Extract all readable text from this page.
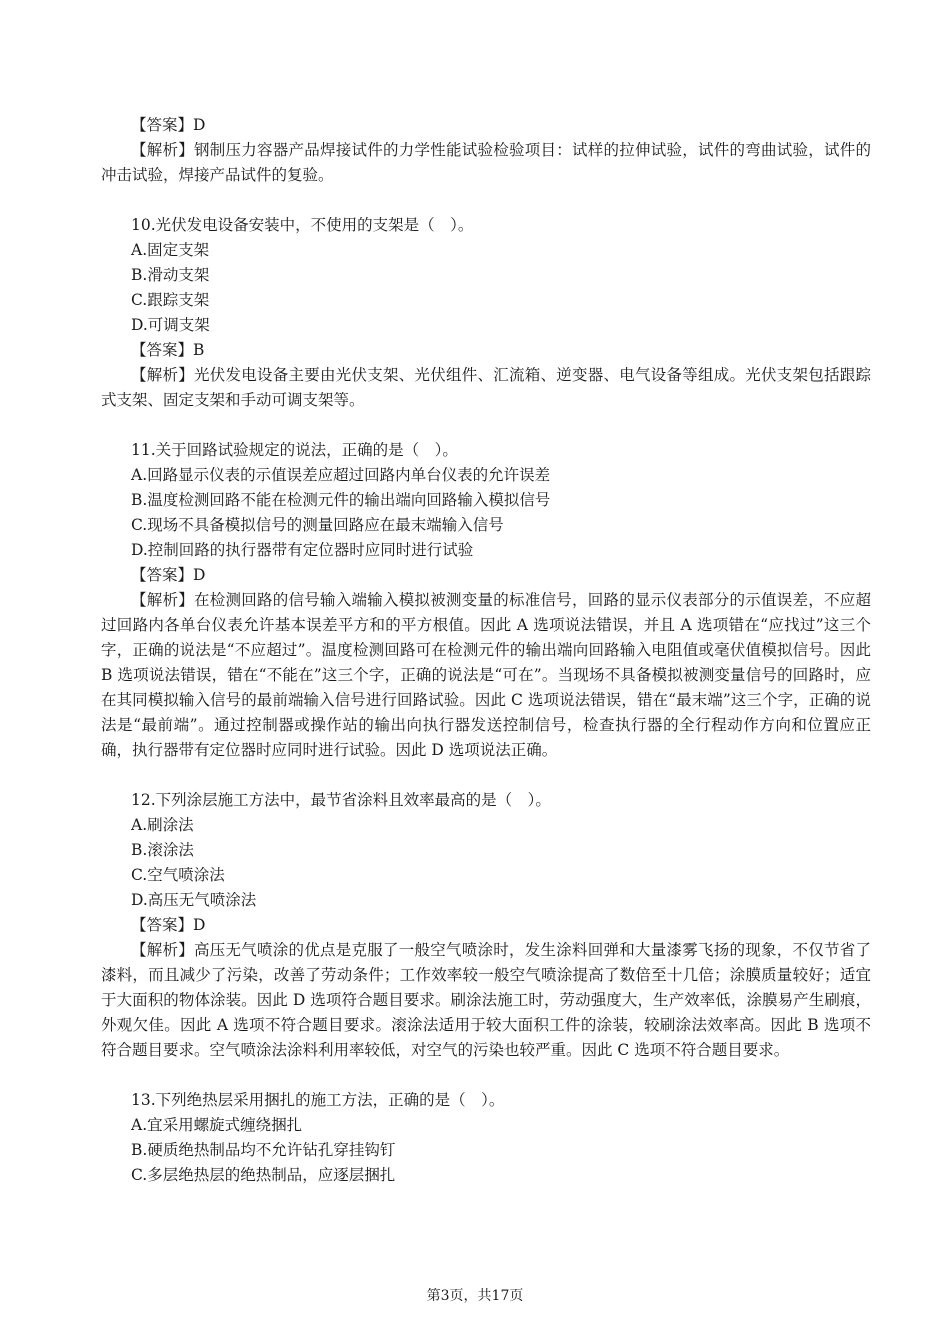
【答案】D
【解析】钢制压力容器产品焊接试件的力学性能试验检验项目：试样的拉伸试验，试件的弯曲试验，试件的冲击试验，焊接产品试件的复验。
10.光伏发电设备安装中，不使用的支架是（　）。
A.固定支架
B.滑动支架
C.跟踪支架
D.可调支架
【答案】B
【解析】光伏发电设备主要由光伏支架、光伏组件、汇流箱、逆变器、电气设备等组成。光伏支架包括跟踪式支架、固定支架和手动可调支架等。
11.关于回路试验规定的说法，正确的是（　）。
A.回路显示仪表的示值误差应超过回路内单台仪表的允许误差
B.温度检测回路不能在检测元件的输出端向回路输入模拟信号
C.现场不具备模拟信号的测量回路应在最末端输入信号
D.控制回路的执行器带有定位器时应同时进行试验
【答案】D
【解析】在检测回路的信号输入端输入模拟被测变量的标准信号，回路的显示仪表部分的示值误差，不应超过回路内各单台仪表允许基本误差平方和的平方根值。因此 A 选项说法错误，并且 A 选项错在“应找过”这三个字，正确的说法是“不应超过”。温度检测回路可在检测元件的输出端向回路输入电阻值或毫伏值模拟信号。因此 B 选项说法错误，错在“不能在”这三个字，正确的说法是“可在”。当现场不具备模拟被测变量信号的回路时，应在其同模拟输入信号的最前端输入信号进行回路试验。因此 C 选项说法错误，错在“最末端”这三个字，正确的说法是“最前端”。通过控制器或操作站的输出向执行器发送控制信号，检查执行器的全行程动作方向和位置应正确，执行器带有定位器时应同时进行试验。因此 D 选项说法正确。
12.下列涂层施工方法中，最节省涂料且效率最高的是（　）。
A.刷涂法
B.滚涂法
C.空气喷涂法
D.高压无气喷涂法
【答案】D
【解析】高压无气喷涂的优点是克服了一般空气喷涂时，发生涂料回弹和大量漆雾飞扬的现象，不仅节省了漆料，而且减少了污染，改善了劳动条件；工作效率较一般空气喷涂提高了数倍至十几倍；涂膜质量较好；适宜于大面积的物体涂装。因此 D 选项符合题目要求。刷涂法施工时，劳动强度大，生产效率低，涂膜易产生刷痕，外观欠佳。因此 A 选项不符合题目要求。滚涂法适用于较大面积工件的涂装，较刷涂法效率高。因此 B 选项不符合题目要求。空气喷涂法涂料利用率较低，对空气的污染也较严重。因此 C 选项不符合题目要求。
13.下列绝热层采用捆扎的施工方法，正确的是（　）。
A.宜采用螺旋式缠绕捆扎
B.硬质绝热制品均不允许钻孔穿挂钩钉
C.多层绝热层的绝热制品，应逐层捆扎
第3页，共17页
